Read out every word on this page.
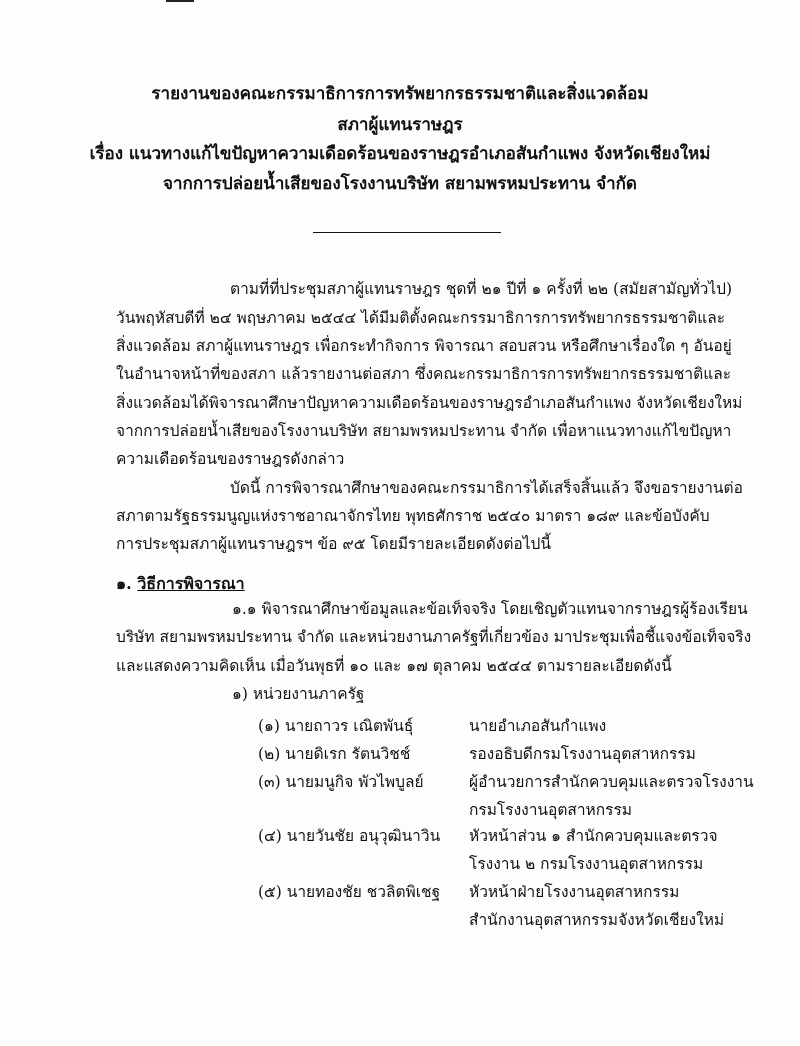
รายงานของคณะกรรมาธิการการทรัพยากรธรรมชาติและสิ่งแวดล้อม
สภาผู้แทนราษฎร
เรื่อง แนวทางแก้ไขปัญหาความเดือดร้อนของราษฎรอำเภอสันกำแพง จังหวัดเชียงใหม่
จากการปล่อยน้ำเสียของโรงงานบริษัท สยามพรหมประทาน จำกัด
ตามที่ที่ประชุมสภาผู้แทนราษฎร ชุดที่ ๒๑ ปีที่ ๑ ครั้งที่ ๒๒ (สมัยสามัญทั่วไป)
วันพฤหัสบดีที่ ๒๔ พฤษภาคม ๒๕๔๔ ได้มีมติตั้งคณะกรรมาธิการการทรัพยากรธรรมชาติและ
สิ่งแวดล้อม สภาผู้แทนราษฎร เพื่อกระทำกิจการ พิจารณา สอบสวน หรือศึกษาเรื่องใด ๆ อันอยู่
ในอำนาจหน้าที่ของสภา แล้วรายงานต่อสภา ซึ่งคณะกรรมาธิการการทรัพยากรธรรมชาติและ
สิ่งแวดล้อมได้พิจารณาศึกษาปัญหาความเดือดร้อนของราษฎรอำเภอสันกำแพง จังหวัดเชียงใหม่
จากการปล่อยน้ำเสียของโรงงานบริษัท สยามพรหมประทาน จำกัด เพื่อหาแนวทางแก้ไขปัญหา
ความเดือดร้อนของราษฎรดังกล่าว
บัดนี้ การพิจารณาศึกษาของคณะกรรมาธิการได้เสร็จสิ้นแล้ว จึงขอรายงานต่อ
สภาตามรัฐธรรมนูญแห่งราชอาณาจักรไทย พุทธศักราช ๒๕๔๐ มาตรา ๑๘๙ และข้อบังคับ
การประชุมสภาผู้แทนราษฎรฯ ข้อ ๙๕ โดยมีรายละเอียดดังต่อไปนี้
๑. วิธีการพิจารณา
๑.๑ พิจารณาศึกษาข้อมูลและข้อเท็จจริง โดยเชิญตัวแทนจากราษฎรผู้ร้องเรียน
บริษัท สยามพรหมประทาน จำกัด และหน่วยงานภาครัฐที่เกี่ยวข้อง มาประชุมเพื่อชี้แจงข้อเท็จจริง
และแสดงความคิดเห็น เมื่อวันพุธที่ ๑๐ และ ๑๗ ตุลาคม ๒๕๔๔ ตามรายละเอียดดังนี้
๑) หน่วยงานภาครัฐ
(๑) นายถาวร เณิตพันธุ์	นายอำเภอสันกำแพง
(๒) นายดิเรก รัตนวิชช์	รองอธิบดีกรมโรงงานอุตสาหกรรม
(๓) นายมนูกิจ พัวไพบูลย์	ผู้อำนวยการสำนักควบคุมและตรวจโรงงาน
กรมโรงงานอุตสาหกรรม
(๔) นายวันชัย อนุวุฒินาวิน หัวหน้าส่วน ๑ สำนักควบคุมและตรวจ
โรงงาน ๒ กรมโรงงานอุตสาหกรรม
(๕) นายทองชัย ชวลิตพิเชฐ หัวหน้าฝ่ายโรงงานอุตสาหกรรม
สำนักงานอุตสาหกรรมจังหวัดเชียงใหม่
